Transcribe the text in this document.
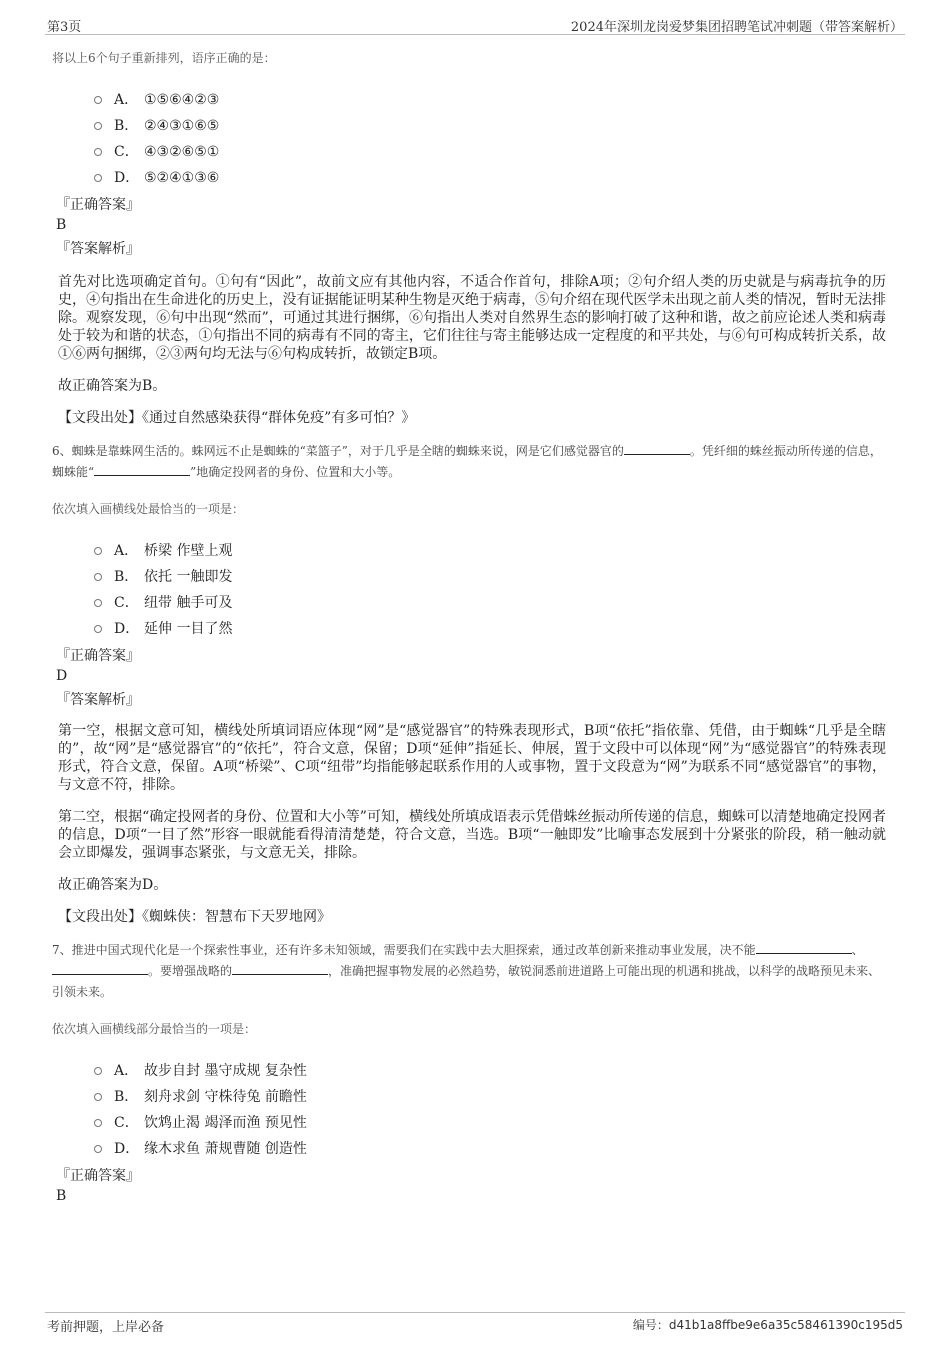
第3页	2024年深圳龙岗爱梦集团招聘笔试冲刺题（带答案解析）
将以上6个句子重新排列，语序正确的是：
A． ①⑤⑥④②③
B． ②④③①⑥⑤
C． ④③②⑥⑤①
D． ⑤②④①③⑥
『正确答案』
B
『答案解析』
首先对比选项确定首句。①句有“因此”，故前文应有其他内容，不适合作首句，排除A项；②句介绍人类的历史就是与病毒抗争的历史，④句指出在生命进化的历史上，没有证据能证明某种生物是灭绝于病毒，⑤句介绍在现代医学未出现之前人类的情况，暂时无法排除。观察发现，⑥句中出现“然而”，可通过其进行捆绑，⑥句指出人类对自然界生态的影响打破了这种和谐，故之前应论述人类和病毒处于较为和谐的状态，①句指出不同的病毒有不同的寄主，它们往往与寄主能够达成一定程度的和平共处，与⑥句可构成转折关系，故①⑥两句捆绑，②③两句均无法与⑥句构成转折，故锁定B项。
故正确答案为B。
【文段出处】《通过自然感染获得“群体免疫”有多可怕？》
6、蜘蛛是靠蛛网生活的。蛛网远不止是蜘蛛的“菜篮子”，对于几乎是全瞎的蜘蛛来说，网是它们感觉器官的	。凭纤细的蛛丝振动所传递的信息，蜘蛛能“	”地确定投网者的身份、位置和大小等。
依次填入画横线处最恰当的一项是：
A． 桥梁 作壁上观
B． 依托 一触即发
C． 纽带 触手可及
D． 延伸 一目了然
『正确答案』
D
『答案解析』
第一空，根据文意可知，横线处所填词语应体现“网”是“感觉器官”的特殊表现形式，B项“依托”指依靠、凭借，由于蜘蛛“几乎是全瞎的”，故“网”是“感觉器官”的“依托”，符合文意，保留；D项“延伸”指延长、伸展，置于文段中可以体现“网”为“感觉器官”的特殊表现形式，符合文意，保留。A项“桥梁”、C项“纽带”均指能够起联系作用的人或事物，置于文段意为“网”为联系不同“感觉器官”的事物，与文意不符，排除。
第二空，根据“确定投网者的身份、位置和大小等”可知，横线处所填成语表示凭借蛛丝振动所传递的信息，蜘蛛可以清楚地确定投网者的信息，D项“一目了然”形容一眼就能看得清清楚楚，符合文意，当选。B项“一触即发”比喻事态发展到十分紧张的阶段，稍一触动就会立即爆发，强调事态紧张，与文意无关，排除。
故正确答案为D。
【文段出处】《蜘蛛侠：智慧布下天罗地网》
7、推进中国式现代化是一个探索性事业，还有许多未知领域，需要我们在实践中去大胆探索，通过改革创新来推动事业发展，决不能	、。要增强战略的	，准确把握事物发展的必然趋势，敏锐洞悉前进道路上可能出现的机遇和挑战，以科学的战略预见未来、引领未来。
依次填入画横线部分最恰当的一项是：
A． 故步自封 墨守成规 复杂性
B． 刻舟求剑 守株待兔 前瞻性
C． 饮鸩止渴 竭泽而渔 预见性
D． 缘木求鱼 萧规曹随 创造性
『正确答案』
B
考前押题，上岸必备	编号：d41b1a8ffbe9e6a35c58461390c195d5
